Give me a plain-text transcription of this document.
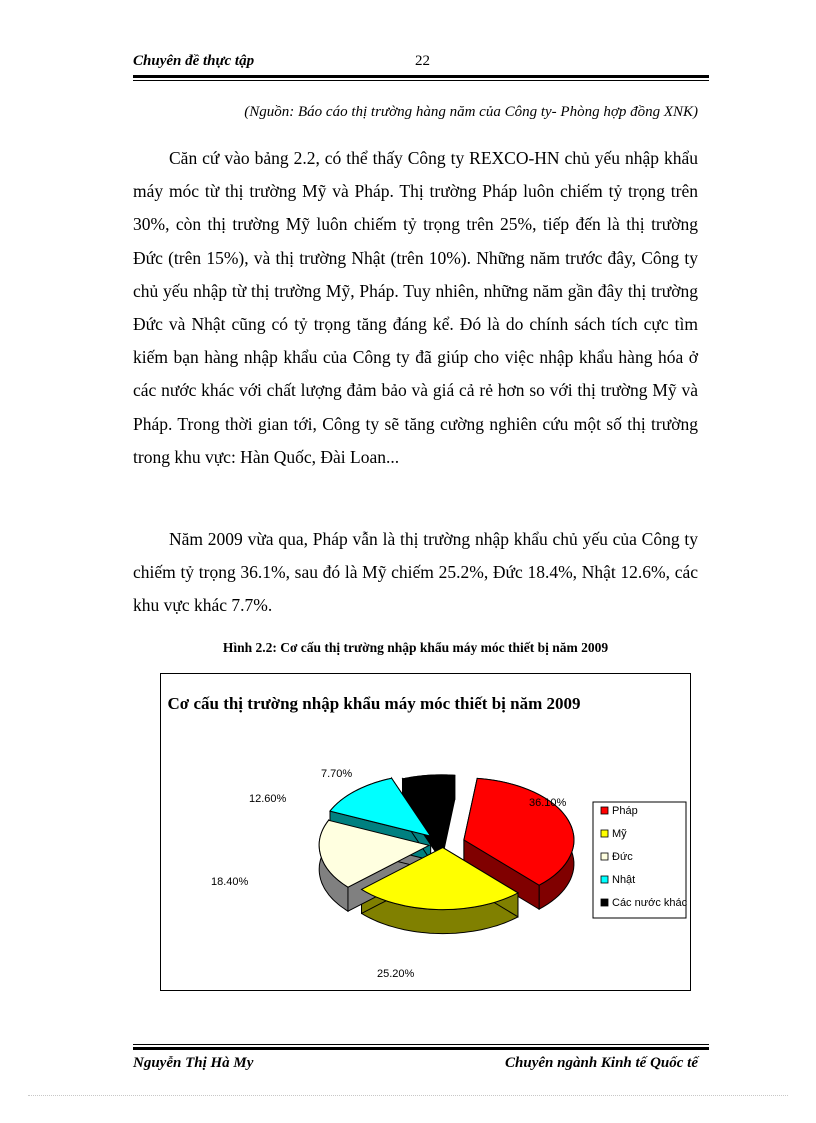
Chuyên đề thực tập	22
(Nguồn: Báo cáo thị trường hàng năm của Công ty- Phòng hợp đồng XNK)

Căn cứ vào bảng 2.2, có thể thấy Công ty REXCO-HN chủ yếu nhập khẩu máy móc từ thị trường Mỹ và Pháp. Thị trường Pháp luôn chiếm tỷ trọng trên 30%, còn thị trường Mỹ luôn chiếm tỷ trọng trên 25%, tiếp đến là thị trường Đức (trên 15%), và thị trường Nhật (trên 10%). Những năm trước đây, Công ty chủ yếu nhập từ thị trường Mỹ, Pháp. Tuy nhiên, những năm gần đây thị trường Đức và Nhật cũng có tỷ trọng tăng đáng kể. Đó là do chính sách tích cực tìm kiếm bạn hàng nhập khẩu của Công ty đã giúp cho việc nhập khẩu hàng hóa ở các nước khác với chất lượng đảm bảo và giá cả rẻ hơn so với thị trường Mỹ và Pháp. Trong thời gian tới, Công ty sẽ tăng cường nghiên cứu một số thị trường trong khu vực: Hàn Quốc, Đài Loan...

Năm 2009 vừa qua, Pháp vẫn là thị trường nhập khẩu chủ yếu của Công ty chiếm tỷ trọng 36.1%, sau đó là Mỹ chiếm 25.2%, Đức 18.4%, Nhật 12.6%, các khu vực khác 7.7%.

Hình 2.2: Cơ cấu thị trường nhập khẩu máy móc thiết bị năm 2009
Cơ cấu thị trường nhập khẩu máy móc thiết bị năm 2009
36.10%
25.20%
18.40%
12.60%
7.70%
Pháp
Mỹ
Đức
Nhật
Các nước khác
Nguyễn Thị Hà My	Chuyên ngành Kinh tế Quốc tế
